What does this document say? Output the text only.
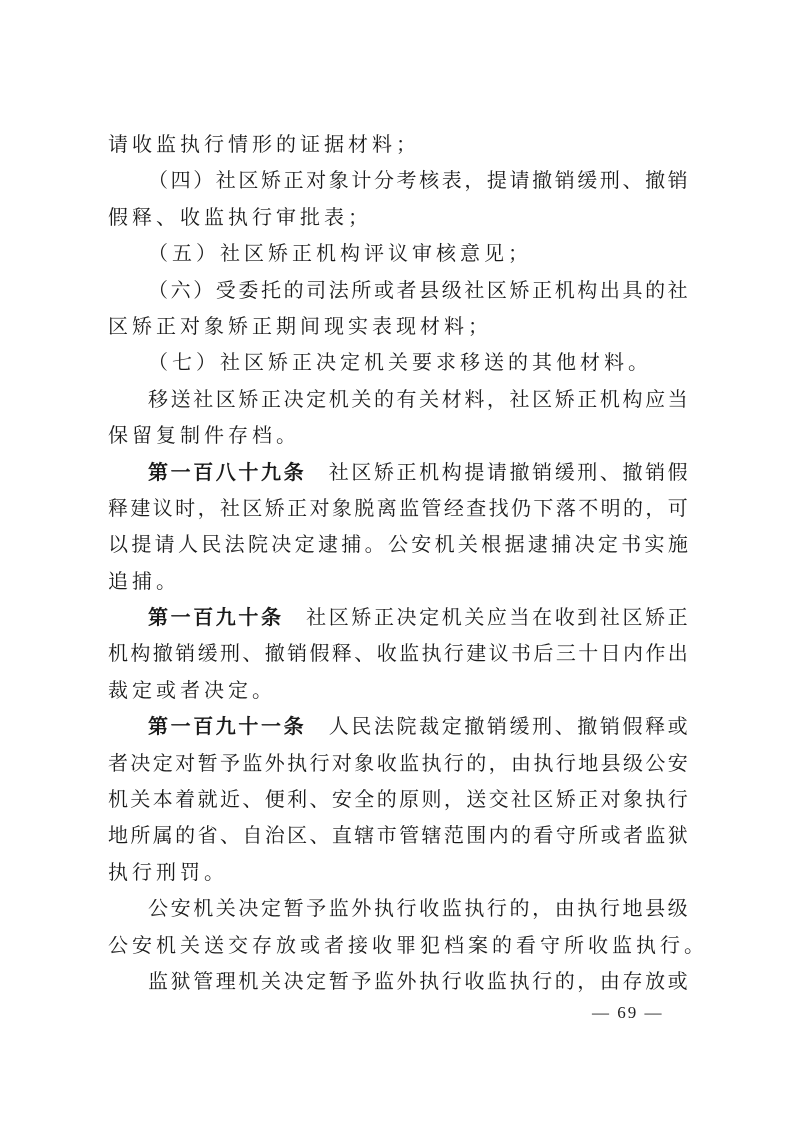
请 收 监 执 行 情 形 的 证 据 材 料 ；
（ 四 ） 社 区 矫 正 对 象 计 分 考 核 表 ， 提 请 撤 销 缓 刑 、 撤 销
假 释 、 收 监 执 行 审 批 表 ；
（ 五 ） 社 区 矫 正 机 构 评 议 审 核 意 见 ；
（ 六 ） 受 委 托 的 司 法 所 或 者 县 级 社 区 矫 正 机 构 出 具 的 社
区 矫 正 对 象 矫 正 期 间 现 实 表 现 材 料 ；
（ 七 ） 社 区 矫 正 决 定 机 关 要 求 移 送 的 其 他 材 料 。
移 送 社 区 矫 正 决 定 机 关 的 有 关 材 料 ， 社 区 矫 正 机 构 应 当
保 留 复 制 件 存 档 。
第 一 百 八 十 九 条
　 社 区 矫 正 机 构 提 请 撤 销 缓 刑 、 撤 销 假
释 建 议 时 ， 社 区 矫 正 对 象 脱 离 监 管 经 查 找 仍 下 落 不 明 的 ， 可
以 提 请 人 民 法 院 决 定 逮 捕 。 公 安 机 关 根 据 逮 捕 决 定 书 实 施
追 捕 。
第 一 百 九 十 条
　 社 区 矫 正 决 定 机 关 应 当 在 收 到 社 区 矫 正
机 构 撤 销 缓 刑 、 撤 销 假 释 、 收 监 执 行 建 议 书 后 三 十 日 内 作 出
裁 定 或 者 决 定 。
第 一 百 九 十 一 条
　 人 民 法 院 裁 定 撤 销 缓 刑 、 撤 销 假 释 或
者 决 定 对 暂 予 监 外 执 行 对 象 收 监 执 行 的 ， 由 执 行 地 县 级 公 安
机 关 本 着 就 近 、 便 利 、 安 全 的 原 则 ， 送 交 社 区 矫 正 对 象 执 行
地 所 属 的 省 、 自 治 区 、 直 辖 市 管 辖 范 围 内 的 看 守 所 或 者 监 狱
执 行 刑 罚 。
公 安 机 关 决 定 暂 予 监 外 执 行 收 监 执 行 的 ， 由 执 行 地 县 级
公 安 机 关 送 交 存 放 或 者 接 收 罪 犯 档 案 的 看 守 所 收 监 执 行 。
监 狱 管 理 机 关 决 定 暂 予 监 外 执 行 收 监 执 行 的 ， 由 存 放 或
— 69 —
